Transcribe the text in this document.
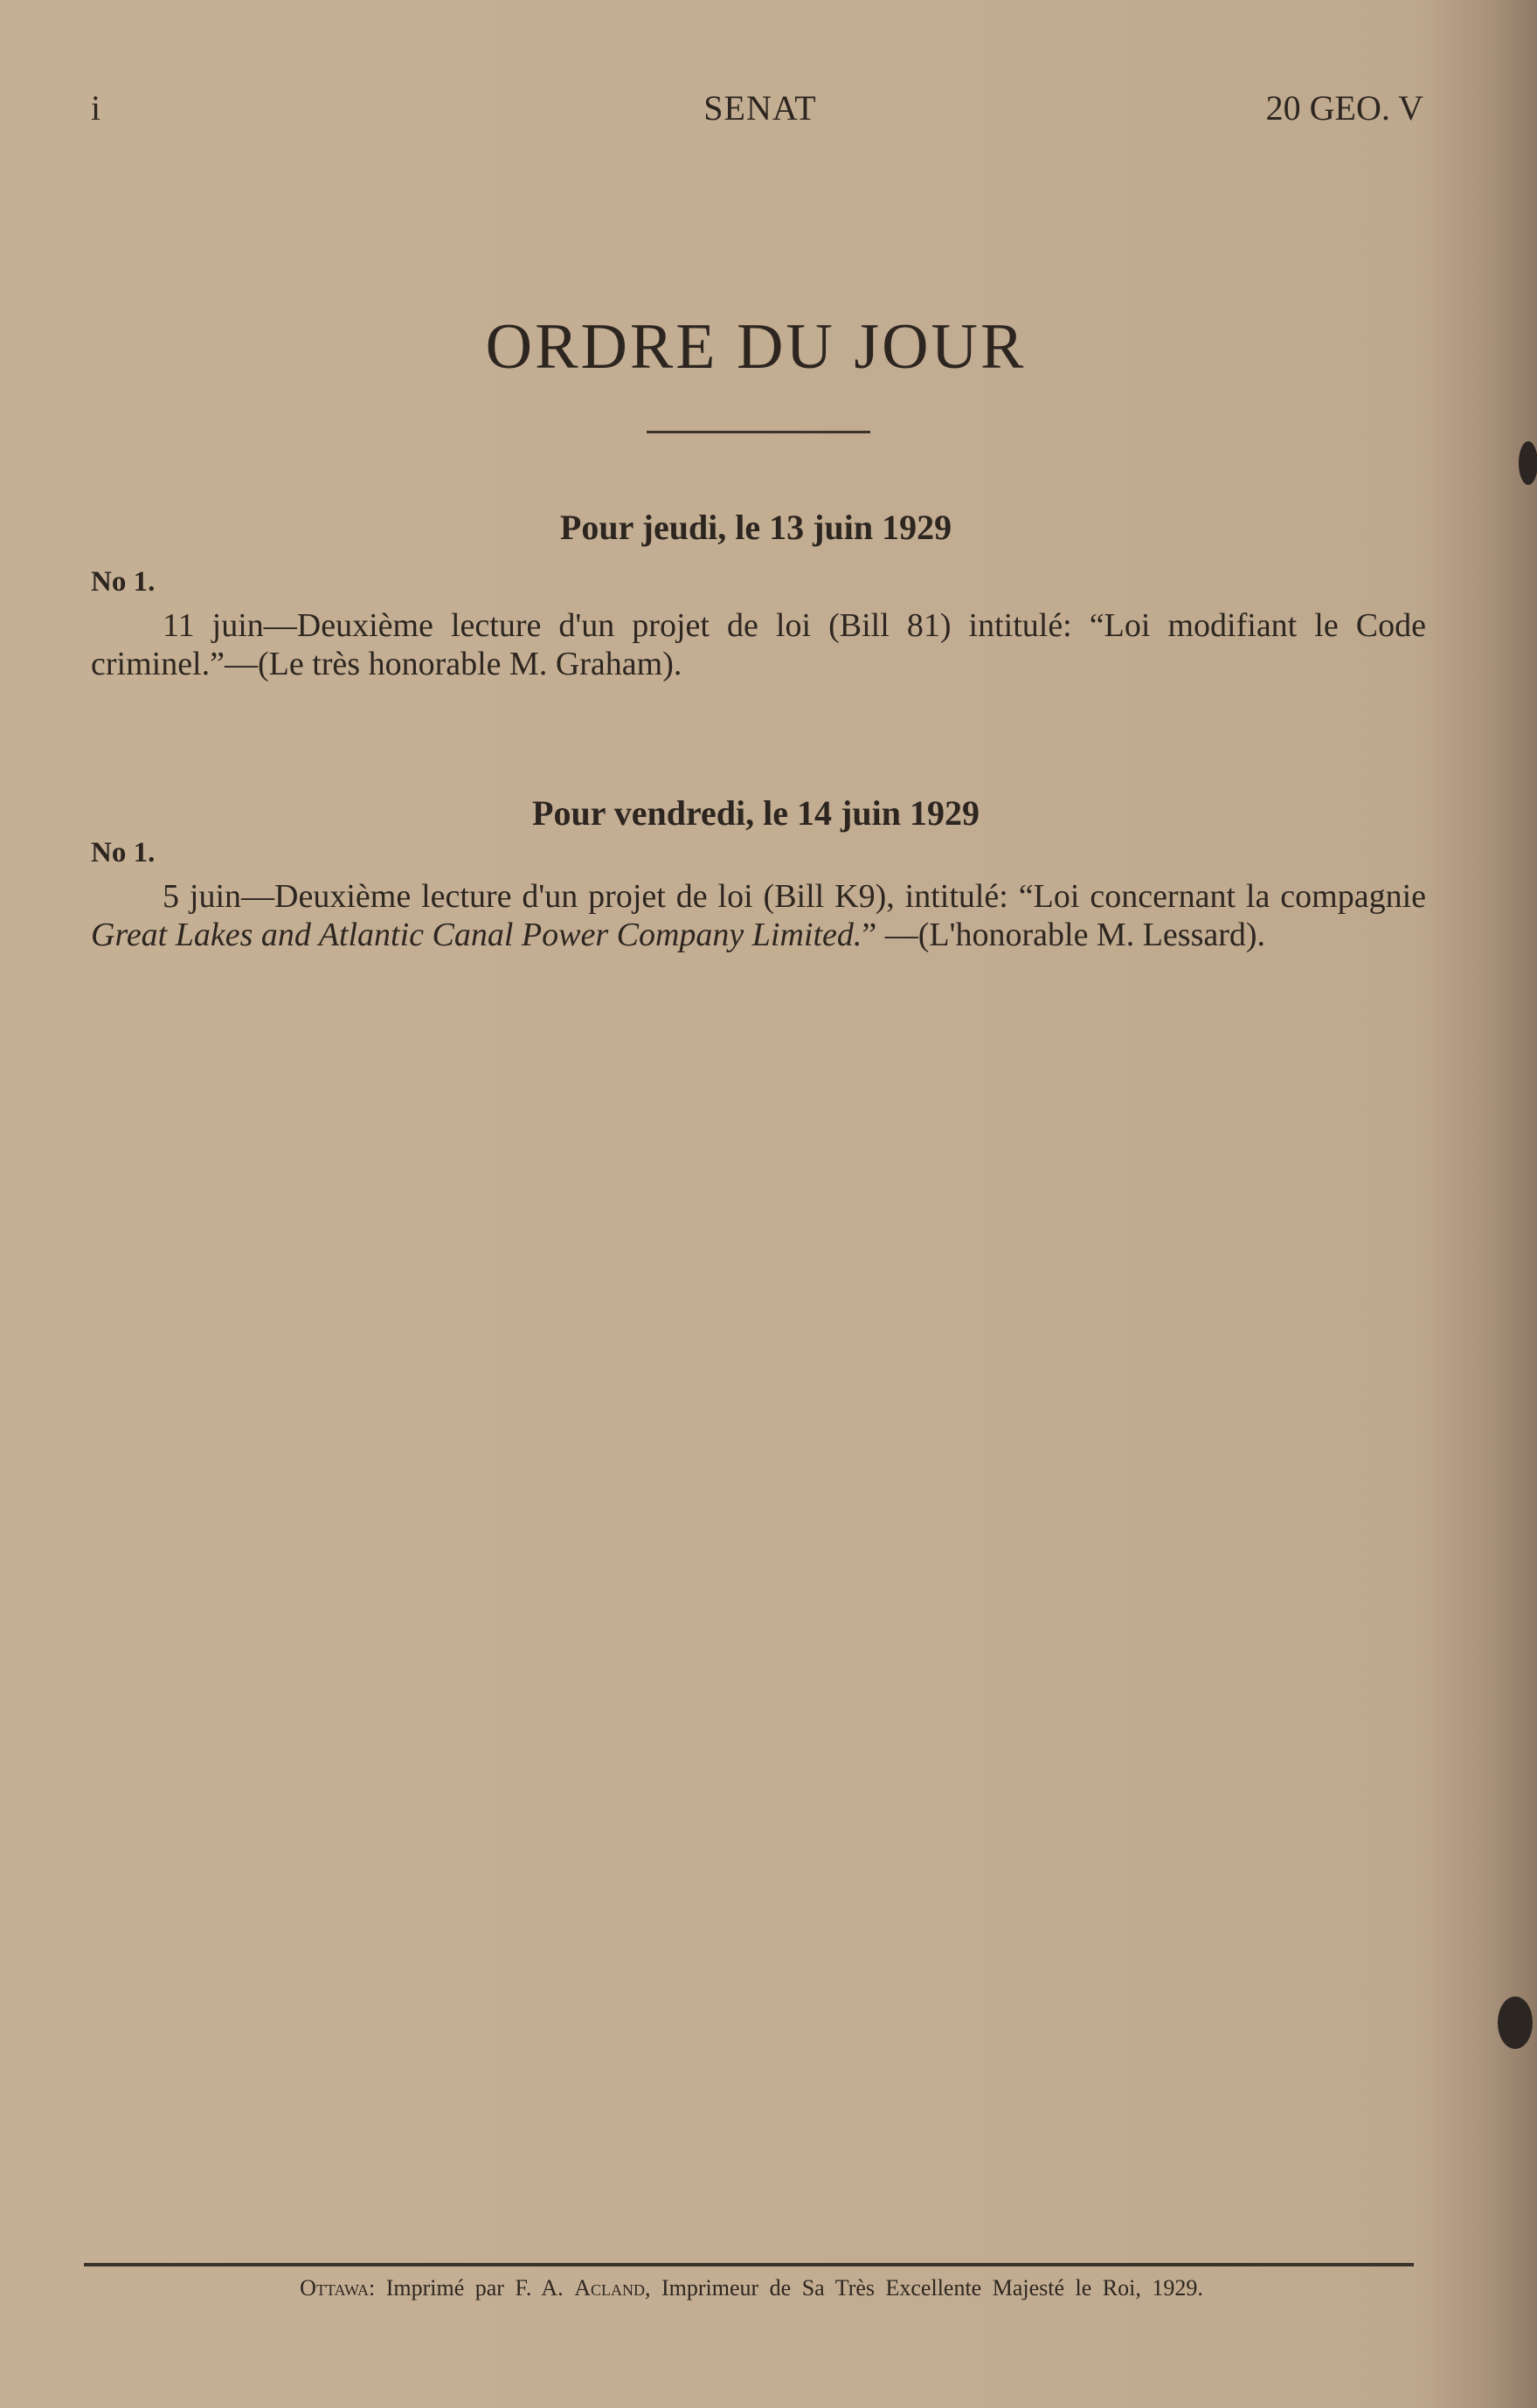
SENAT
i	20 GEO. V
ORDRE DU JOUR
Pour jeudi, le 13 juin 1929
No 1.

11 juin—Deuxième lecture d'un projet de loi (Bill 81) intitulé: “Loi modifiant le Code criminel.”—(Le très honorable M. Graham).

Pour vendredi, le 14 juin 1929
No 1.

5 juin—Deuxième lecture d'un projet de loi (Bill K9), intitulé: “Loi concernant la compagnie Great Lakes and Atlantic Canal Power Company Limited.” —(L'honorable M. Lessard).

Ottawa: Imprimé par F. A. Acland, Imprimeur de Sa Très Excellente Majesté le Roi, 1929.
